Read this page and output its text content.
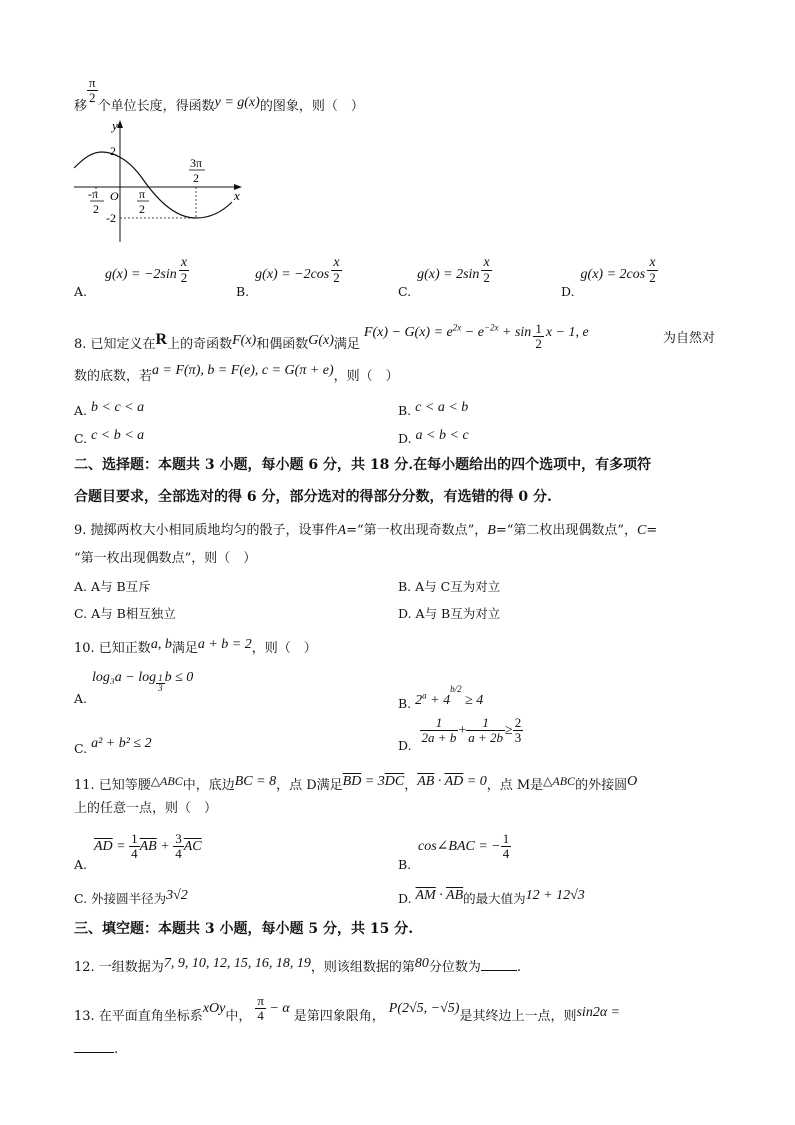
移
$\frac{\pi}{2}$
个单位长度，得函数y = g(x)的图象，则（　）
y
x
O
2
-2
-π
2
π
2
3π
2
A. $g(x) = -2\sin \frac{x}{2}$
B. $g(x) = -2\cos \frac{x}{2}$
C. $g(x) = 2\sin \frac{x}{2}$
D. $g(x) = 2\cos \frac{x}{2}$
8. 已知定义在R上的奇函数F(x)和偶函数G(x)满足$F(x) - G(x) = e^{2x} - e^{-2x} + \sin \frac{1}{2}$ x − 1, e	为自然对
数的底数，若a = F(π), b = F(e), c = G(π + e)，则（　）
A. b < c < a	B. c < a < b
C. c < b < a	D. a < b < c
二、选择题：本题共 3 小题，每小题 6 分，共 18 分.在每小题给出的四个选项中，有多项符
合题目要求，全部选对的得 6 分，部分选对的得部分分数，有选错的得 0 分.
9. 抛掷两枚大小相同质地均匀的骰子，设事件A=“第一枚出现奇数点”，B=“第二枚出现偶数点”，C=
“第一枚出现偶数点”，则（　）
A. A与 B互斥	B. A与 C互为对立
C. A与 B相互独立	D. A与 B互为对立
10. 已知正数a, b满足a + b = 2，则（　）
$\log_3a - \log \frac{1}{3}$ b ≤ 0
A.	B. $2^a + 4^{b/2} \ge 4$
C. a² + b² ≤ 2	D.
$\frac{1}{2a + b} + \frac{1}{a + 2b} \ge \frac{2}{3}$
11. 已知等腰△ABC中，底边BC = 8，点 D满足$\overline{BD} = 3\overline{DC}$，$\overline{AB} \cdot \overline{AD} = 0$，点 M是△ABC的外接圆O
上的任意一点，则（　）
A.
$\overline{AD} = \frac{1}{4} \overline{AB} + \frac{3}{4} \overline{AC}$
B.
cos∠BAC = − $\frac{1}{4}$
C. 外接圆半径为3√2	D. $\overline{AM} \cdot \overline{AB}$的最大值为12 + 12√3
三、填空题：本题共 3 小题，每小题 5 分，共 15 分.
12. 一组数据为7, 9, 10, 12, 15, 16, 18, 19，则该组数据的第80分位数为	.
13. 在平面直角坐标系xOy中， $\frac{\pi}{4} - \alpha$是第四象限角，P(2√5, −√5)是其终边上一点，则sin2α =
.
